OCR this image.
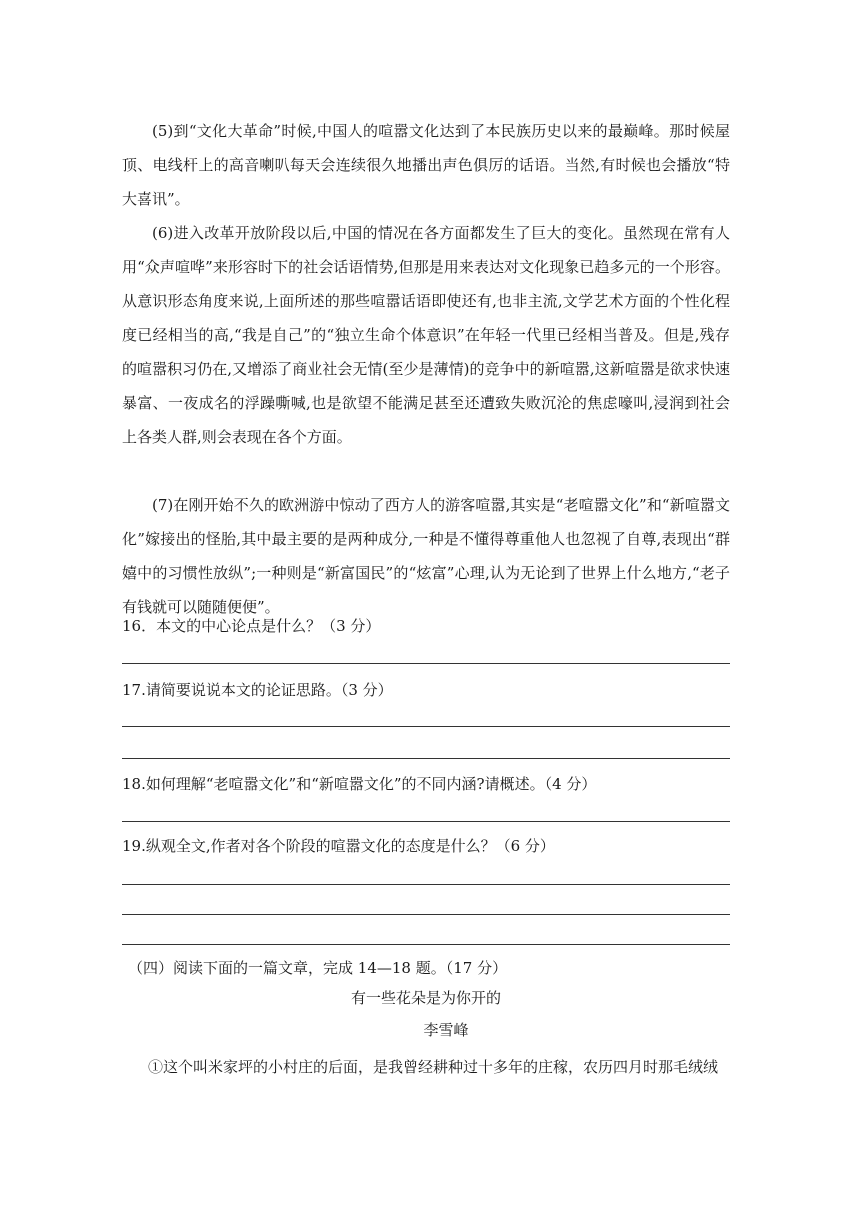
(5)到“文化大革命”时候,中国人的喧嚣文化达到了本民族历史以来的最巅峰。那时候屋顶、电线杆上的高音喇叭每天会连续很久地播出声色俱厉的话语。当然,有时候也会播放“特大喜讯”。

(6)进入改革开放阶段以后,中国的情况在各方面都发生了巨大的变化。虽然现在常有人用“众声喧哗”来形容时下的社会话语情势,但那是用来表达对文化现象已趋多元的一个形容。从意识形态角度来说,上面所述的那些喧嚣话语即使还有,也非主流,文学艺术方面的个性化程度已经相当的高,“我是自己”的“独立生命个体意识”在年轻一代里已经相当普及。但是,残存的喧嚣积习仍在,又增添了商业社会无情(至少是薄情)的竞争中的新喧嚣,这新喧嚣是欲求快速暴富、一夜成名的浮躁嘶喊,也是欲望不能满足甚至还遭致失败沉沦的焦虑嚎叫,浸润到社会上各类人群,则会表现在各个方面。

(7)在刚开始不久的欧洲游中惊动了西方人的游客喧嚣,其实是“老喧嚣文化”和“新喧嚣文化”嫁接出的怪胎,其中最主要的是两种成分,一种是不懂得尊重他人也忽视了自尊,表现出“群嬉中的习惯性放纵”;一种则是“新富国民”的“炫富”心理,认为无论到了世界上什么地方,“老子有钱就可以随随便便”。

16．本文的中心论点是什么？（3 分）

17.请简要说说本文的论证思路。（3 分）

18.如何理解“老喧嚣文化”和“新喧嚣文化”的不同内涵?请概述。（4 分）

19.纵观全文,作者对各个阶段的喧嚣文化的态度是什么？（6 分）

（四）阅读下面的一篇文章，完成 14—18 题。（17 分）

有一些花朵是为你开的

李雪峰

①这个叫米家坪的小村庄的后面，是我曾经耕种过十多年的庄稼，农历四月时那毛绒绒
